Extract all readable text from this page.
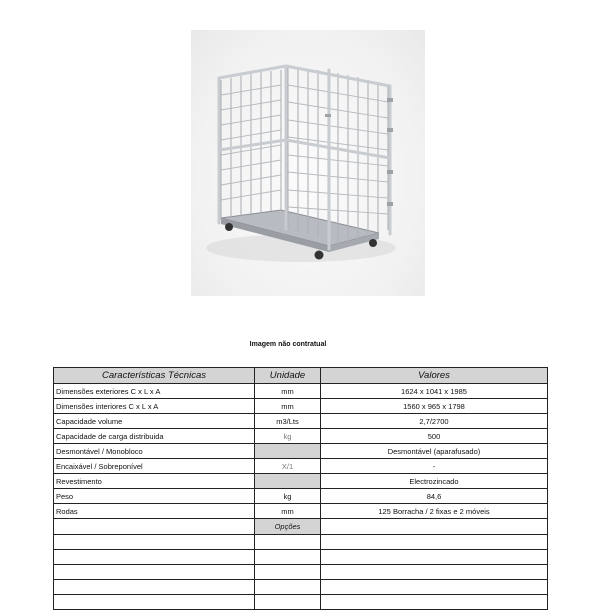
Imagem não contratual
Características Técnicas	Unidade	Valores
Dimensões exteriores C x L x A	mm	1624 x 1041 x 1985
Dimensões interiores C x L x A	mm	1560 x 965 x 1798
Capacidade volume	m3/Lts	2,7/2700
Capacidade de carga distribuida	kg	500
Desmontável / Monobloco		Desmontável (aparafusado)
Encaixável / Sobreponível	X/1	-
Revestimento		Electrozincado
Peso	kg	84,6
Rodas	mm	125 Borracha / 2 fixas e 2 móveis
	Opções	
